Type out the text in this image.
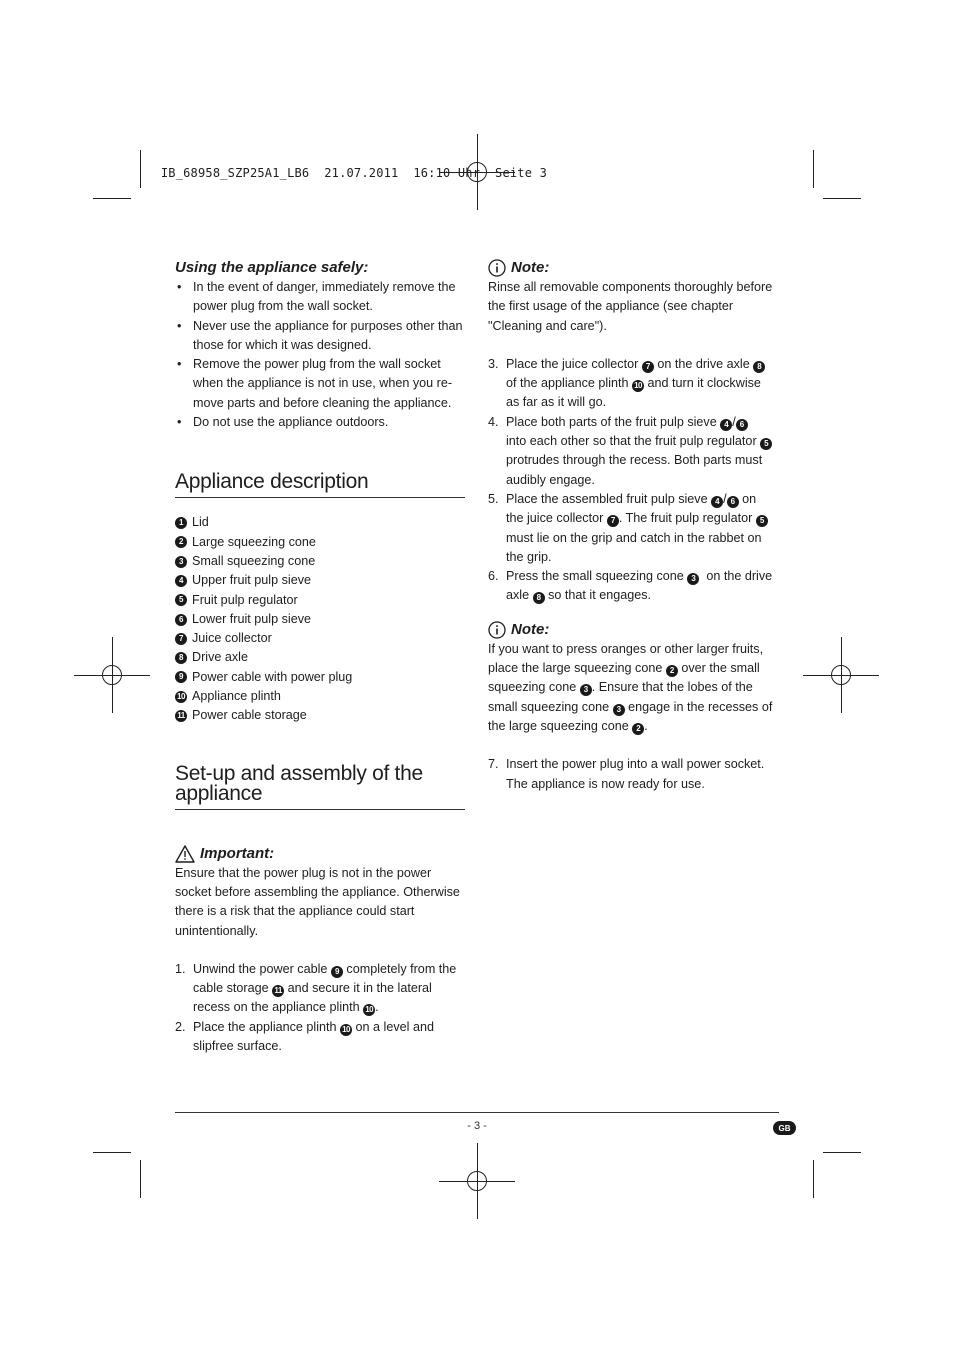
IB_68958_SZP25A1_LB6 21.07.2011 16:10 Uhr Seite 3

Using the appliance safely:
• In the event of danger, immediately remove the
power plug from the wall socket.
• Never use the appliance for purposes other than
those for which it was designed.
• Remove the power plug from the wall socket
when the appliance is not in use, when you re-
move parts and before cleaning the appliance.
• Do not use the appliance outdoors.
Appliance description
1 Lid
2 Large squeezing cone
3 Small squeezing cone
4 Upper fruit pulp sieve
5 Fruit pulp regulator
6 Lower fruit pulp sieve
7 Juice collector
8 Drive axle
9 Power cable with power plug
10 Appliance plinth
11 Power cable storage
Set-up and assembly of the
appliance
Important:

Ensure that the power plug is not in the power
socket before assembling the appliance. Otherwise
there is a risk that the appliance could start
unintentionally.

1. Unwind the power cable 9 completely from the
cable storage 11 and secure it in the lateral
recess on the appliance plinth 10 .
2. Place the appliance plinth 10 on a level and
slipfree surface.
Note:

Rinse all removable components thoroughly before
the first usage of the appliance (see chapter
"Cleaning and care").

3. Place the juice collector 7 on the drive axle 8
of the appliance plinth 10 and turn it clockwise
as far as it will go.
4. Place both parts of the fruit pulp sieve 4 / 6
into each other so that the fruit pulp regulator 5
protrudes through the recess. Both parts must
audibly engage.
5. Place the assembled fruit pulp sieve 4 / 6 on
the juice collector 7 . The fruit pulp regulator 5
must lie on the grip and catch in the rabbet on
the grip.
6. Press the small squeezing cone 3 on the drive
axle 8 so that it engages.
Note:

If you want to press oranges or other larger fruits,
place the large squeezing cone 2 over the small
squeezing cone 3 . Ensure that the lobes of the
small squeezing cone 3 engage in the recesses of
the large squeezing cone 2 .

7. Insert the power plug into a wall power socket.
The appliance is now ready for use.
- 3 -	GB
